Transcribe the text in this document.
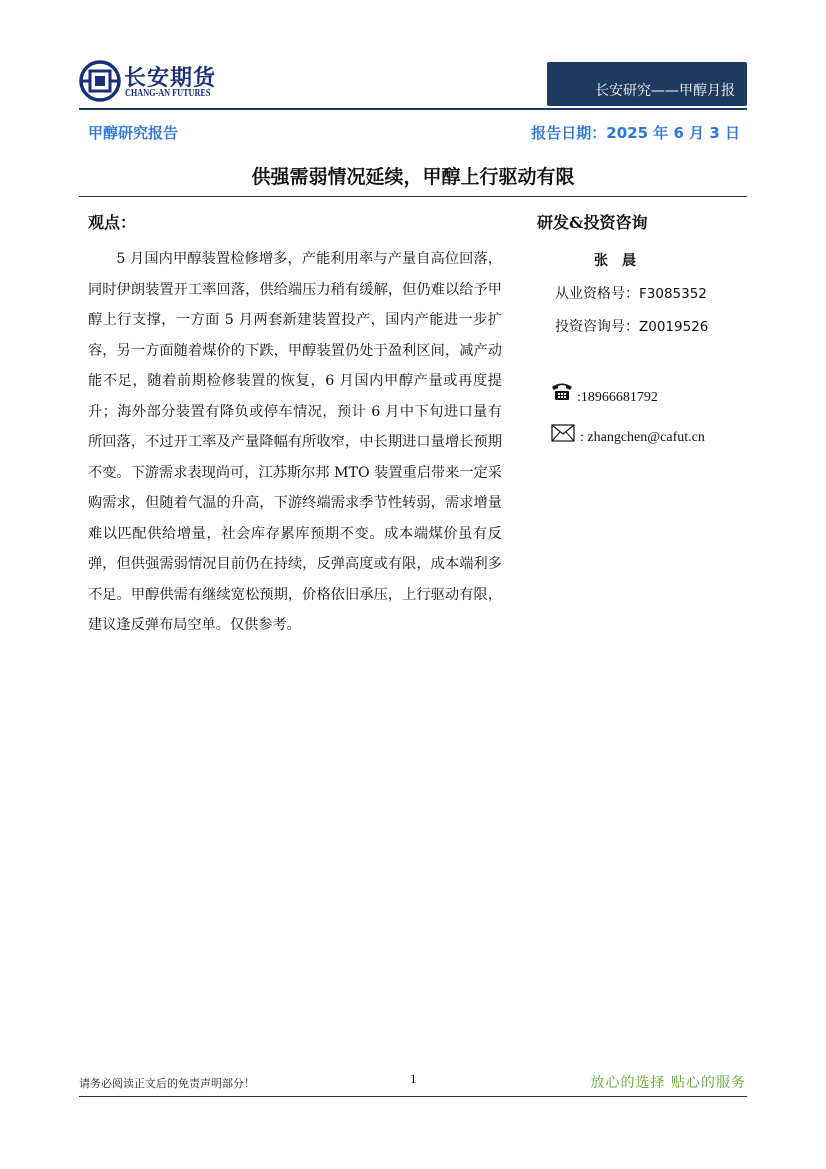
长安期货
CHANG-AN FUTURES	长安研究——甲醇月报
甲醇研究报告	报告日期：2025 年 6 月 3 日
供强需弱情况延续，甲醇上行驱动有限
观点：
5 月国内甲醇装置检修增多，产能利用率与产量自高位回落，同时伊朗装置开工率回落，供给端压力稍有缓解，但仍难以给予甲醇上行支撑，一方面 5 月两套新建装置投产，国内产能进一步扩容，另一方面随着煤价的下跌，甲醇装置仍处于盈利区间，减产动能不足，随着前期检修装置的恢复，6 月国内甲醇产量或再度提升；海外部分装置有降负或停车情况，预计 6 月中下旬进口量有所回落，不过开工率及产量降幅有所收窄，中长期进口量增长预期不变。下游需求表现尚可，江苏斯尔邦 MTO 装置重启带来一定采购需求，但随着气温的升高，下游终端需求季节性转弱，需求增量难以匹配供给增量，社会库存累库预期不变。成本端煤价虽有反弹，但供强需弱情况目前仍在持续，反弹高度或有限，成本端利多不足。甲醇供需有继续宽松预期，价格依旧承压，上行驱动有限，建议逢反弹布局空单。仅供参考。
研发&投资咨询
张晨
从业资格号：F3085352
投资咨询号：Z0019526
:18966681792
: zhangchen@cafut.cn
请务必阅读正文后的免责声明部分！	1	放心的选择 贴心的服务
